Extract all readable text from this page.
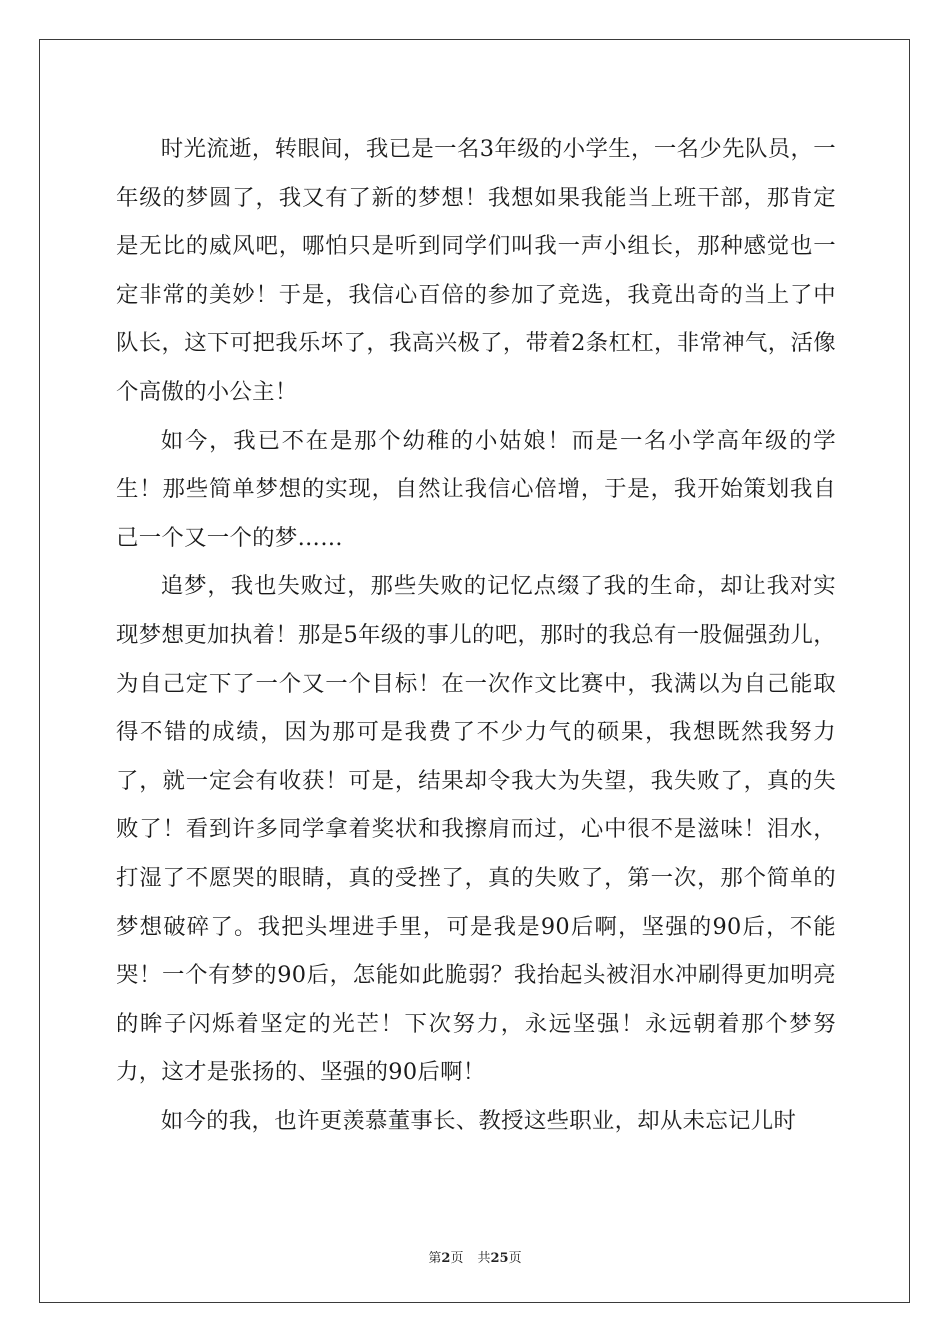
时光流逝，转眼间，我已是一名3年级的小学生，一名少先队员，一年级的梦圆了，我又有了新的梦想！我想如果我能当上班干部，那肯定是无比的威风吧，哪怕只是听到同学们叫我一声小组长，那种感觉也一定非常的美妙！于是，我信心百倍的参加了竞选，我竟出奇的当上了中队长，这下可把我乐坏了，我高兴极了，带着2条杠杠，非常神气，活像个高傲的小公主！

如今，我已不在是那个幼稚的小姑娘！而是一名小学高年级的学生！那些简单梦想的实现，自然让我信心倍增，于是，我开始策划我自己一个又一个的梦……

追梦，我也失败过，那些失败的记忆点缀了我的生命，却让我对实现梦想更加执着！那是5年级的事儿的吧，那时的我总有一股倔强劲儿，为自己定下了一个又一个目标！在一次作文比赛中，我满以为自己能取得不错的成绩，因为那可是我费了不少力气的硕果，我想既然我努力了，就一定会有收获！可是，结果却令我大为失望，我失败了，真的失败了！看到许多同学拿着奖状和我擦肩而过，心中很不是滋味！泪水，打湿了不愿哭的眼睛，真的受挫了，真的失败了，第一次，那个简单的梦想破碎了。我把头埋进手里，可是我是90后啊，坚强的90后，不能哭！一个有梦的90后，怎能如此脆弱？我抬起头被泪水冲刷得更加明亮的眸子闪烁着坚定的光芒！下次努力，永远坚强！永远朝着那个梦努力，这才是张扬的、坚强的90后啊！

如今的我，也许更羡慕董事长、教授这些职业，却从未忘记儿时

第2页 共25页
